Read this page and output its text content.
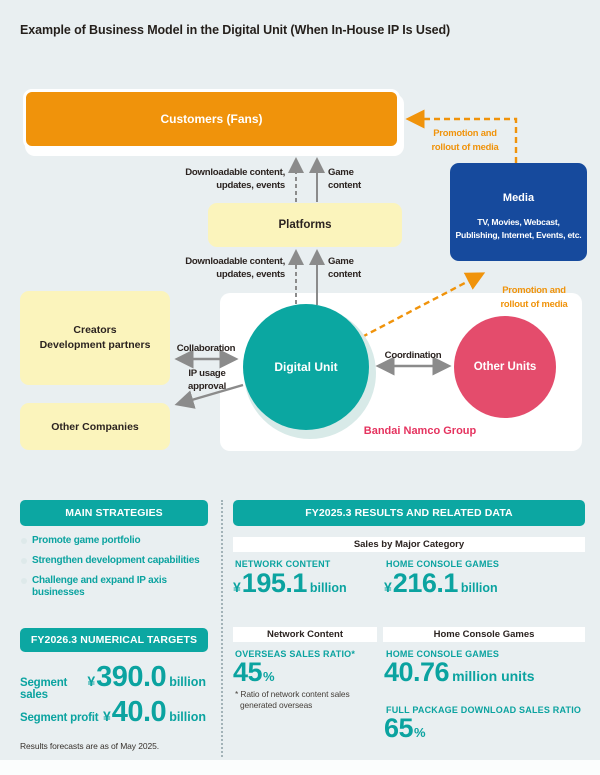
Example of Business Model in the Digital Unit (When In-House IP Is Used)
Customers (Fans)
Media
TV, Movies, Webcast,
Publishing, Internet, Events, etc.
Platforms
Creators
Development partners
Other Companies
Digital Unit	Other Units
Bandai Namco Group
Downloadable content,
updates, events
Game
content
Downloadable content,
updates, events
Game
content
Promotion and
rollout of media
Promotion and
rollout of media
Collaboration
IP usage
approval
Coordination
MAIN STRATEGIES
Promote game portfolio
Strengthen development capabilities
Challenge and expand IP axis businesses
FY2026.3 NUMERICAL TARGETS
Segment sales
¥390.0 billion
Segment profit ¥40.0 billion
Results forecasts are as of May 2025.
FY2025.3 RESULTS AND RELATED DATA
Sales by Major Category
NETWORK CONTENT
¥195.1 billion
HOME CONSOLE GAMES
¥216.1 billion
Network Content	Home Console Games
OVERSEAS SALES RATIO*
45%
* Ratio of network content sales
generated overseas
HOME CONSOLE GAMES
40.76 million units
FULL PACKAGE DOWNLOAD SALES RATIO
65%
